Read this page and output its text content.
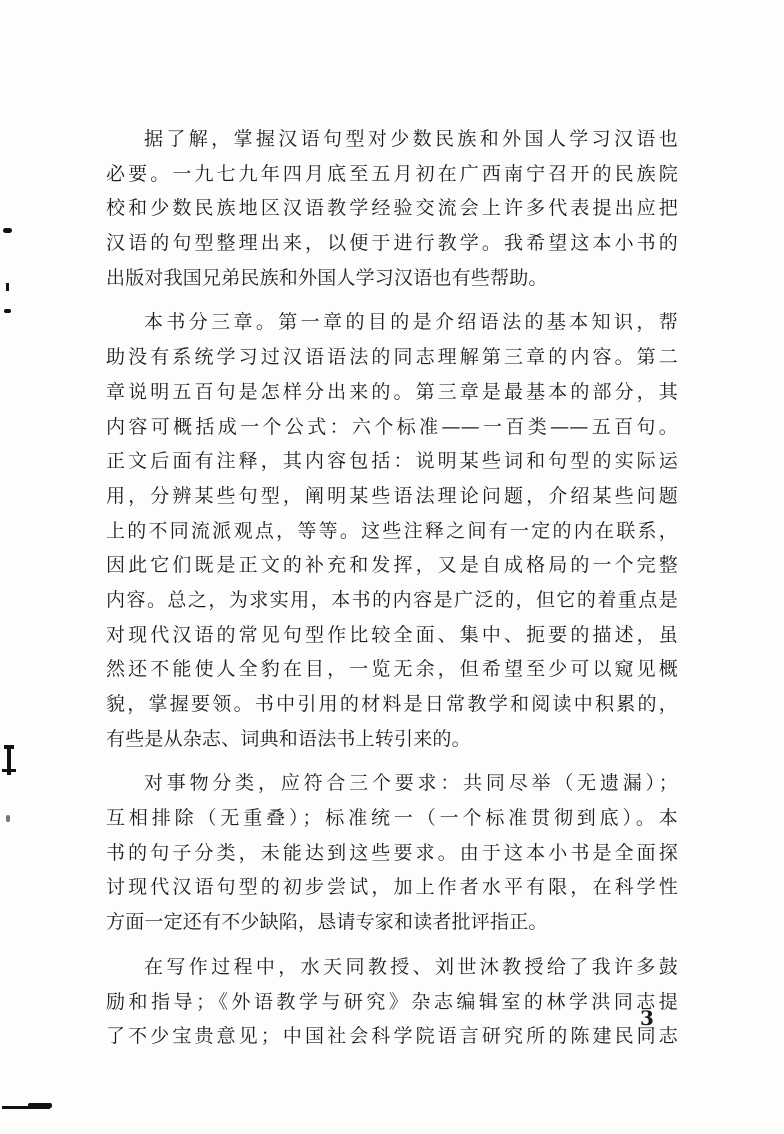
据了解，掌握汉语句型对少数民族和外国人学习汉语也
必要。一九七九年四月底至五月初在广西南宁召开的民族院
校和少数民族地区汉语教学经验交流会上许多代表提出应把
汉语的句型整理出来，以便于进行教学。我希望这本小书的
出版对我国兄弟民族和外国人学习汉语也有些帮助。
本书分三章。第一章的目的是介绍语法的基本知识，帮
助没有系统学习过汉语语法的同志理解第三章的内容。第二
章说明五百句是怎样分出来的。第三章是最基本的部分，其
内容可概括成一个公式：六个标准——一百类——五百句。
正文后面有注释，其内容包括：说明某些词和句型的实际运
用，分辨某些句型，阐明某些语法理论问题，介绍某些问题
上的不同流派观点，等等。这些注释之间有一定的内在联系，
因此它们既是正文的补充和发挥，又是自成格局的一个完整
内容。总之，为求实用，本书的内容是广泛的，但它的着重点是
对现代汉语的常见句型作比较全面、集中、扼要的描述，虽
然还不能使人全豹在目，一览无余，但希望至少可以窥见概
貌，掌握要领。书中引用的材料是日常教学和阅读中积累的，
有些是从杂志、词典和语法书上转引来的。
对事物分类，应符合三个要求：共同尽举（无遗漏）；
互相排除（无重叠）；标准统一（一个标准贯彻到底）。本
书的句子分类，未能达到这些要求。由于这本小书是全面探
讨现代汉语句型的初步尝试，加上作者水平有限，在科学性
方面一定还有不少缺陷，恳请专家和读者批评指正。
在写作过程中，水天同教授、刘世沐教授给了我许多鼓
励和指导；《外语教学与研究》杂志编辑室的林学洪同志提
了不少宝贵意见；中国社会科学院语言研究所的陈建民同志
3
